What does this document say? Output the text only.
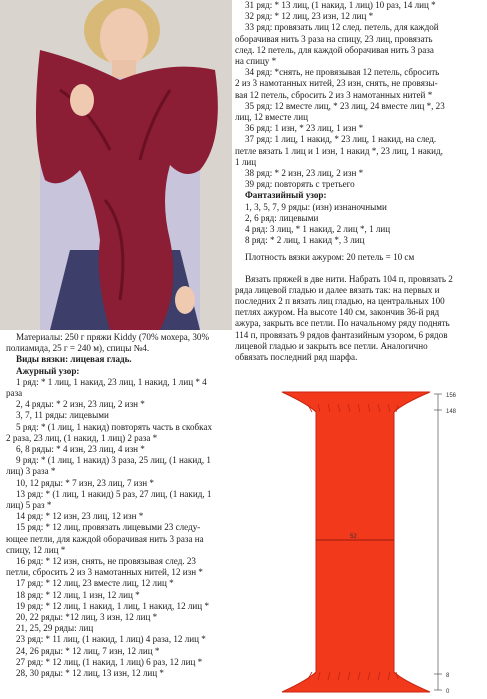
Материалы: 250 г пряжи Kiddy (70% мохера, 30%
полиамида, 25 г = 240 м), спицы №4.
Виды вязки: лицевая гладь.
Ажурный узор:
1 ряд: * 1 лиц, 1 накид, 23 лиц, 1 накид, 1 лиц * 4
раза
2, 4 ряды: * 2 изн, 23 лиц, 2 изн *
3, 7, 11 ряды: лицевыми
5 ряд: * (1 лиц, 1 накид) повторять часть в скобках
2 раза, 23 лиц, (1 накид, 1 лиц) 2 раза *
6, 8 ряды: * 4 изн, 23 лиц, 4 изн *
9 ряд: * (1 лиц, 1 накид) 3 раза, 25 лиц, (1 накид, 1
лиц) 3 раза *
10, 12 ряды: * 7 изн, 23 лиц, 7 изн *
13 ряд: * (1 лиц, 1 накид) 5 раз, 27 лиц, (1 накид, 1
лиц) 5 раз *
14 ряд: * 12 изн, 23 лиц, 12 изн *
15 ряд: * 12 лиц, провязать лицевыми 23 следу-
ющее петли, для каждой оборачивая нить 3 раза на
спицу, 12 лиц *
16 ряд: * 12 изн, снять, не провязывая след. 23
петли, сбросить 2 из 3 намотанных нитей, 12 изн *
17 ряд: * 12 лиц, 23 вместе лиц, 12 лиц *
18 ряд: * 12 лиц, 1 изн, 12 лиц *
19 ряд: * 12 лиц, 1 накид, 1 лиц, 1 накид, 12 лиц *
20, 22 ряды: *12 лиц, 3 изн, 12 лиц *
21, 25, 29 ряды: лиц
23 ряд: * 11 лиц, (1 накид, 1 лиц) 4 раза, 12 лиц *
24, 26 ряды: * 12 лиц, 7 изн, 12 лиц *
27 ряд: * 12 лиц, (1 накид, 1 лиц) 6 раз, 12 лиц *
28, 30 ряды: * 12 лиц, 13 изн, 12 лиц *
31 ряд: * 13 лиц, (1 накид, 1 лиц) 10 раз, 14 лиц *
32 ряд: * 12 лиц, 23 изн, 12 лиц *
33 ряд: провязать лиц 12 след. петель, для каждой
оборачивая нить 3 раза на спицу, 23 лиц, провязать
след. 12 петель, для каждой оборачивая нить 3 раза
на спицу *
34 ряд: *снять, не провязывая 12 петель, сбросить
2 из 3 намотанных нитей, 23 изн, снять, не провязы-
вая 12 петель, сбросить 2 из 3 намотанных нитей *
35 ряд: 12 вместе лиц, * 23 лиц, 24 вместе лиц *, 23
лиц, 12 вместе лиц
36 ряд: 1 изн, * 23 лиц, 1 изн *
37 ряд: 1 лиц, 1 накид, * 23 лиц, 1 накид, на след.
петле вязать 1 лиц и 1 изн, 1 накид *, 23 лиц, 1 накид,
1 лиц
38 ряд: * 2 изн, 23 лиц, 2 изн *
39 ряд: повторять с третьего
Фантазийный узор:
1, 3, 5, 7, 9 ряды: (изн) изнаночными
2, 6 ряд: лицевыми
4 ряд: 3 лиц, * 1 накид, 2 лиц *, 1 лиц
8 ряд: * 2 лиц, 1 накид *, 3 лиц
Плотность вязки ажуром: 20 петель = 10 см

Вязать пряжей в две нити. Набрать 104 п, провязать 2 ряда лицевой гладью и далее вязать так: на первых и последних 2 п вязать лиц гладью, на центральных 100 петлях ажуром. На высоте 140 см, закончив 36-й ряд ажура, закрыть все петли. По начальному ряду поднять 114 п, провязать 9 рядов фантазийным узором, 6 рядов лицевой гладью и закрыть все петли. Аналогично обвязать последний ряд шарфа.

52
156
148
8
0
